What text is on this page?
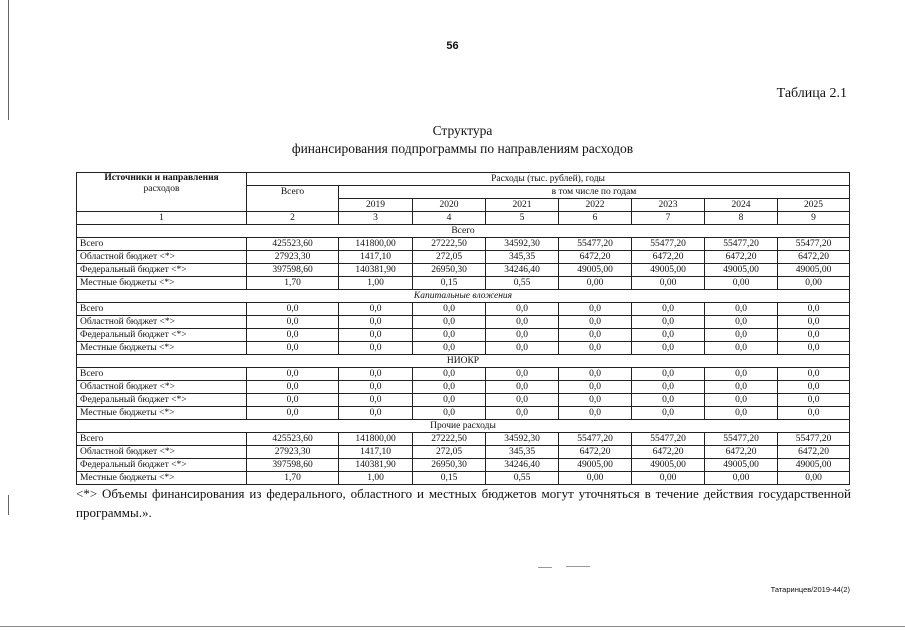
56
Таблица 2.1
Структура
финансирования подпрограммы по направлениям расходов
Источники и направления
расходов	Расходы (тыс. рублей), годы							
	Всего	в том числе по годам						
		2019	2020	2021	2022	2023	2024	2025
1	2	3	4	5	6	7	8	9
Всего								
Всего	425523,60	141800,00	27222,50	34592,30	55477,20	55477,20	55477,20	55477,20
Областной бюджет <*>	27923,30	1417,10	272,05	345,35	6472,20	6472,20	6472,20	6472,20
Федеральный бюджет <*>	397598,60	140381,90	26950,30	34246,40	49005,00	49005,00	49005,00	49005,00
Местные бюджеты <*>	1,70	1,00	0,15	0,55	0,00	0,00	0,00	0,00
Капитальные вложения								
Всего	0,0	0,0	0,0	0,0	0,0	0,0	0,0	0,0
Областной бюджет <*>	0,0	0,0	0,0	0,0	0,0	0,0	0,0	0,0
Федеральный бюджет <*>	0,0	0,0	0,0	0,0	0,0	0,0	0,0	0,0
Местные бюджеты <*>	0,0	0,0	0,0	0,0	0,0	0,0	0,0	0,0
НИОКР								
Всего	0,0	0,0	0,0	0,0	0,0	0,0	0,0	0,0
Областной бюджет <*>	0,0	0,0	0,0	0,0	0,0	0,0	0,0	0,0
Федеральный бюджет <*>	0,0	0,0	0,0	0,0	0,0	0,0	0,0	0,0
Местные бюджеты <*>	0,0	0,0	0,0	0,0	0,0	0,0	0,0	0,0
Прочие расходы								
Всего	425523,60	141800,00	27222,50	34592,30	55477,20	55477,20	55477,20	55477,20
Областной бюджет <*>	27923,30	1417,10	272,05	345,35	6472,20	6472,20	6472,20	6472,20
Федеральный бюджет <*>	397598,60	140381,90	26950,30	34246,40	49005,00	49005,00	49005,00	49005,00
Местные бюджеты <*>	1,70	1,00	0,15	0,55	0,00	0,00	0,00	0,00
<*> Объемы финансирования из федерального, областного и местных бюджетов могут уточняться в течение действия государственной программы.».
Татаринцев/2019-44(2)
